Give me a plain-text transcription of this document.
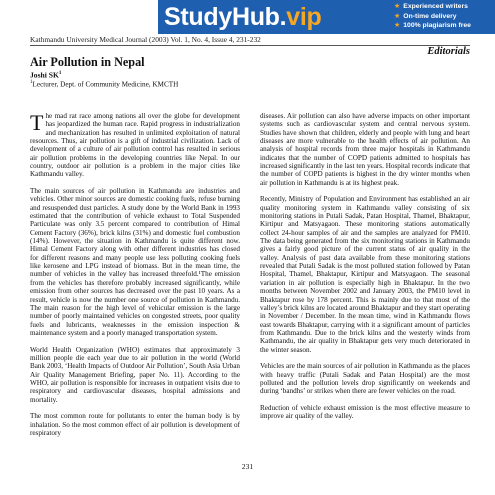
StudyHub.vip	★ Experienced writers
★ On-time delivery
★ 100% plagiarism free
Kathmandu University Medical Journal (2003) Vol. 1, No. 4, Issue 4, 231-232
Editorials
Air Pollution in Nepal
Joshi $SK^1$
$^1$Lecturer, Dept. of Community Medicine, KMCTH

The mad rat race among nations all over the globe for development has jeopardized the human race. Rapid progress in industrialization and mechanization has resulted in unlimited exploitation of natural resources. Thus, air pollution is a gift of industrial civilization. Lack of development of a culture of air pollution control has resulted in serious air pollution problems in the developing countries like Nepal. In our country, outdoor air pollution is a problem in the major cities like Kathmandu valley.

The main sources of air pollution in Kathmandu are industries and vehicles. Other minor sources are domestic cooking fuels, refuse burning and resuspended dust particles. A study done by the World Bank in 1993 estimated that the contribution of vehicle exhaust to Total Suspended Particulate was only 3.5 percent compared to contribution of Himal Cement Factory (36%), brick kilns (31%) and domestic fuel combustion (14%). However, the situation in Kathmandu is quite different now. Himal Cement Factory along with other different industries has closed for different reasons and many people use less polluting cooking fuels like kerosene and LPG instead of biomass. But in the mean time, the number of vehicles in the valley has increased threefold.¹The emission from the vehicles has therefore probably increased significantly, while emission from other sources has decreased over the past 10 years. As a result, vehicle is now the number one source of pollution in Kathmandu. The main reason for the high level of vehicular emission is the large number of poorly maintained vehicles on congested streets, poor quality fuels and lubricants, weaknesses in the emission inspection & maintenance system and a poorly managed transportation system.

World Health Organization (WHO) estimates that approximately 3 million people die each year due to air pollution in the world (World Bank 2003, ‘Health Impacts of Outdoor Air Pollution’, South Asia Urban Air Quality Management Briefing, paper No. 11). According to the WHO, air pollution is responsible for increases in outpatient visits due to respiratory and cardiovascular diseases, hospital admissions and mortality.

The most common route for pollutants to enter the human body is by inhalation. So the most common effect of air pollution is development of respiratory

diseases. Air pollution can also have adverse impacts on other important systems such as cardiovascular system and central nervous system. Studies have shown that children, elderly and people with lung and heart diseases are more vulnerable to the health effects of air pollution. An analysis of hospital records from three major hospitals in Kathmandu indicates that the number of COPD patients admitted to hospitals has increased significantly in the last ten years. Hospital records indicate that the number of COPD patients is highest in the dry winter months when air pollution in Kathmandu is at its highest peak.

Recently, Ministry of Population and Environment has established an air quality monitoring system in Kathmandu valley consisting of six monitoring stations in Putali Sadak, Patan Hospital, Thamel, Bhaktapur, Kirtipur and Matsyagaon. These monitoring stations automatically collect 24-hour samples of air and the samples are analyzed for PM10. The data being generated from the six monitoring stations in Kathmandu gives a fairly good picture of the current status of air quality in the valley. Analysis of past data available from these monitoring stations revealed that Putali Sadak is the most polluted station followed by Patan Hospital, Thamel, Bhaktapur, Kirtipur and Matsyagaon. The seasonal variation in air pollution is especially high in Bhaktapur. In the two months between November 2002 and January 2003, the PM10 level in Bhaktapur rose by 178 percent. This is mainly due to that most of the valley’s brick kilns are located around Bhaktapur and they start operating in November / December. In the mean time, wind in Kathmandu flows east towards Bhaktapur, carrying with it a significant amount of particles from Kathmandu. Due to the brick kilns and the westerly winds from Kathmandu, the air quality in Bhaktapur gets very much deteriorated in the winter season.

Vehicles are the main sources of air pollution in Kathmandu as the places with heavy traffic (Putali Sadak and Patan Hospital) are the most polluted and the pollution levels drop significantly on weekends and during ‘bandhs’ or strikes when there are fewer vehicles on the road.

Reduction of vehicle exhaust emission is the most effective measure to improve air quality of the valley.

231
